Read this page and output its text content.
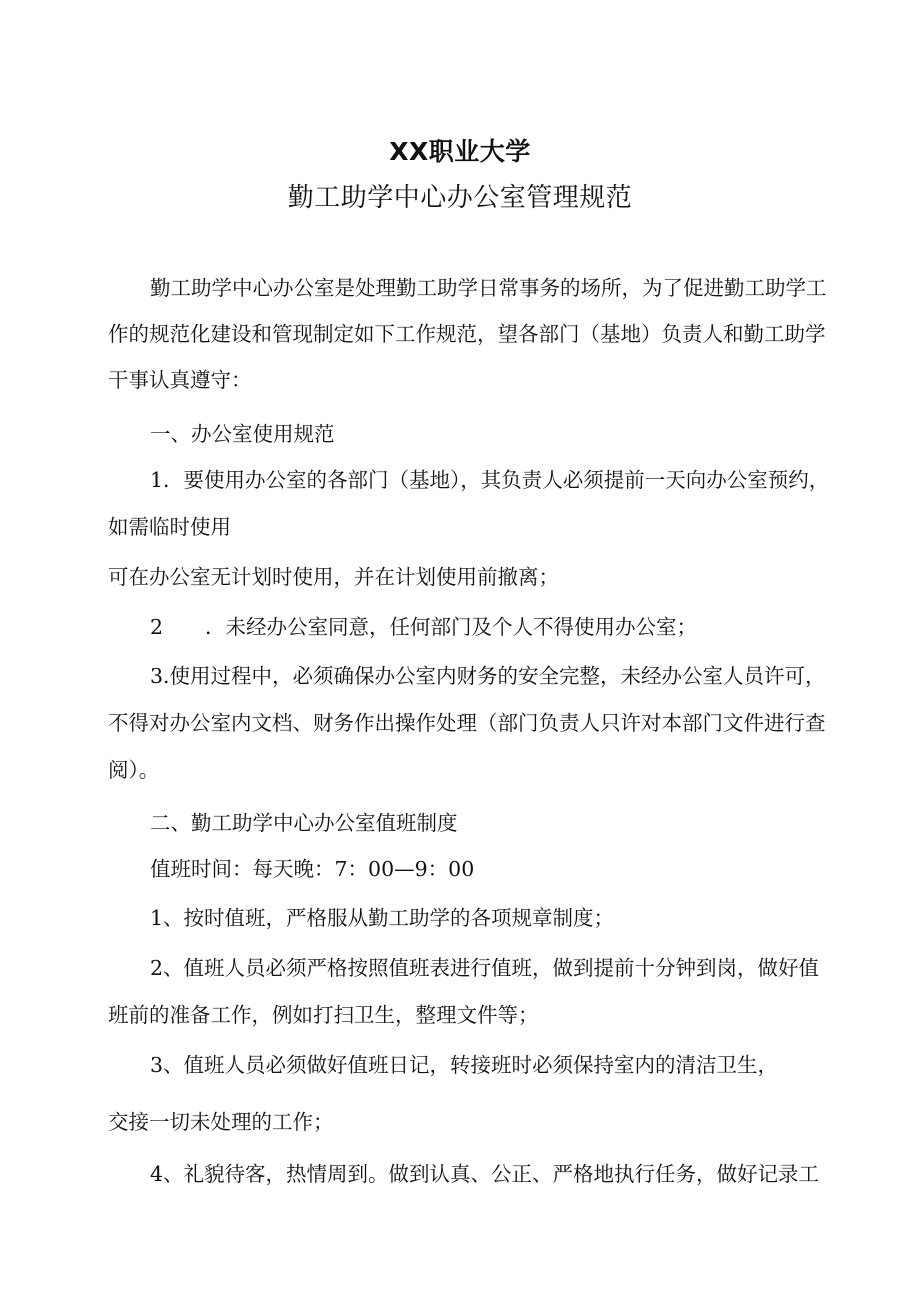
XX职业大学
勤工助学中心办公室管理规范
勤工助学中心办公室是处理勤工助学日常事务的场所，为了促进勤工助学工
作的规范化建设和管现制定如下工作规范，望各部门（基地）负责人和勤工助学
干事认真遵守：
一、办公室使用规范
1．要使用办公室的各部门（基地），其负责人必须提前一天向办公室预约，
如需临时使用
可在办公室无计划时使用，并在计划使用前撤离；
2 ．未经办公室同意，任何部门及个人不得使用办公室；
3.使用过程中，必须确保办公室内财务的安全完整，未经办公室人员许可，
不得对办公室内文档、财务作出操作处理（部门负责人只许对本部门文件进行查
阅）。
二、勤工助学中心办公室值班制度
值班时间：每天晚：7：00—9：00
1、按时值班，严格服从勤工助学的各项规章制度；
2、值班人员必须严格按照值班表进行值班，做到提前十分钟到岗，做好值
班前的准备工作，例如打扫卫生，整理文件等；
3、值班人员必须做好值班日记，转接班时必须保持室内的清洁卫生，
交接一切未处理的工作；
4、礼貌待客，热情周到。做到认真、公正、严格地执行任务，做好记录工
